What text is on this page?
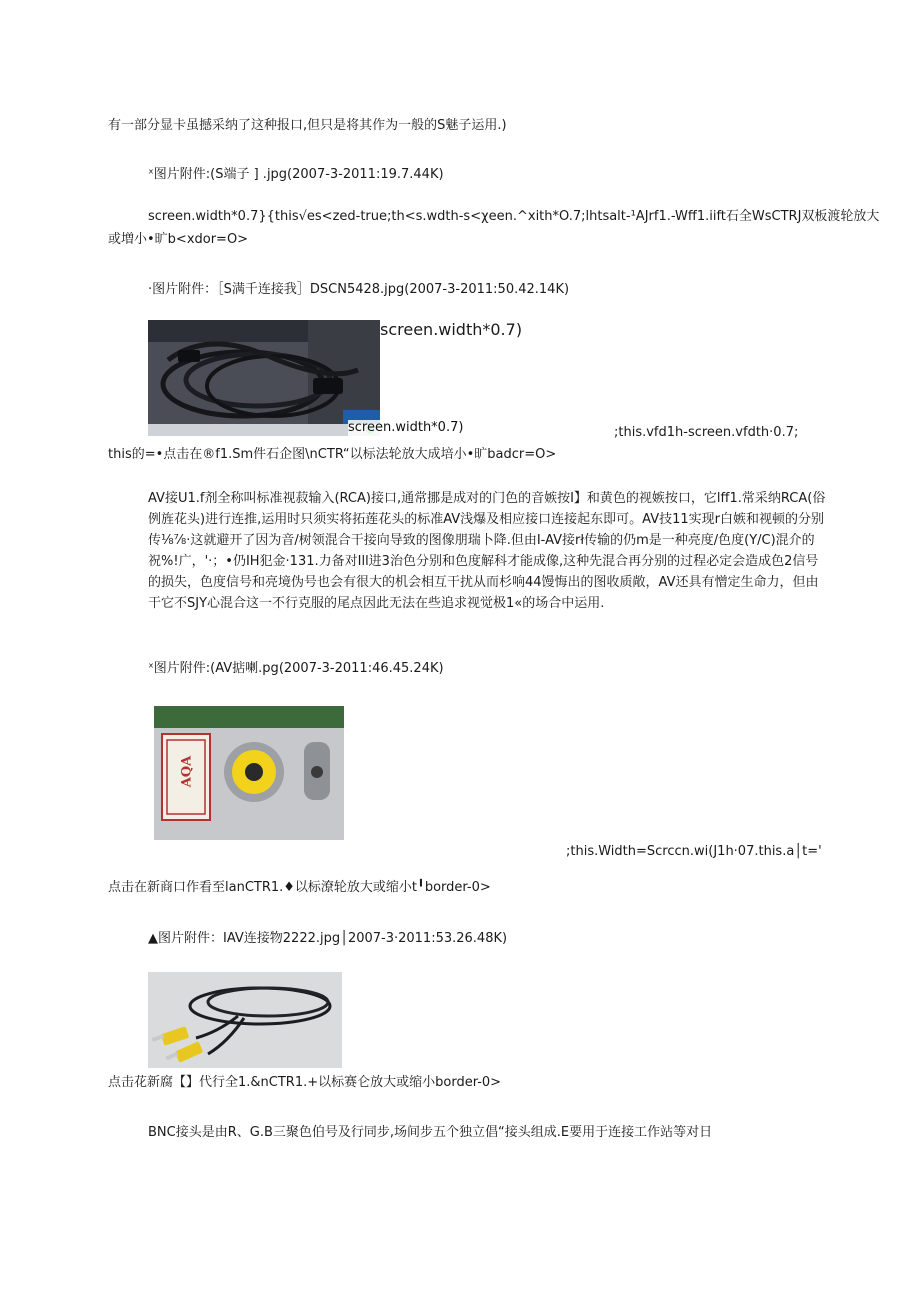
有一部分显卡虽撼采纳了这种报口,但只是将其作为一般的S魅子运用.)
ˣ图片附件:(S端子 ] .jpg(2007-3-2011:19.7.44K)
screen.width*0.7}{this√es<zed-true;th<s.wdth-s<χeen.^xith*O.7;lhtsalt-¹AJrf1.-Wff1.iift石全WsCTRJ双板渡轮放大
或増小•旷b<xdor=O>
·图片附件：［S满千连接我］DSCN5428.jpg(2007-3-2011:50.42.14K)
screen.width*0.7)
screen.width*0.7)	;this.vfd1h-screen.vfdth·0.7;
this的=•点击在®f1.Sm件石企图\nCTR“以标法轮放大成培小•旷badcr=O>
AV接U1.f剂全称叫标准视菽输入(RCA)接口,通常挪是成对的门色的音嫉按I】和黄色的视嫉按口，它lff1.常采纳RCA(俗例旌花头)进行连推,运用时只须实将拓莲花头的标准AV浅爆及相应接口连接起东即可。AV技11实现r白嫉和视顿的分别传⅛⅞·这就避开了因为音/树领混合干接向导致的图像朋瑞卜降.但由I-AV接rł传输的仍m是一种亮度/色度(Y/C)混介的祝%!广，'·；•仍IH犯金·131.力备对Ill进3治色分别和色度解科才能成像,这种先混合再分别的过程必定会造成色2信号的损失，色度信号和亮境伪号也会有很大的机会相互干扰从而杉响44馒悔出的图收质敞，AV还具有憎定生命力，但由干它不SJY心混合这一不行克服的尾点因此无法在些追求视觉极1«的场合中运用.
ˣ图片附件:(AV掂喇.pg(2007-3-2011:46.45.24K)
AQA
;this.Width=Scrccn.wi(J1h·07.this.a│t='
点击在新商口作看至lanCTR1.♦以标潦轮放大或缩小t╹border-0>
▲图片附件：IAV连接物2222.jpg│2007-3·2011:53.26.48K)
点击花新腐【】代行全1.&nCTR1.+以标赛仑放大或缩小border-0>
BNC接头是由R、G.B三聚色伯号及行同步,场间步五个独立倡“接头组成.E要用于连接工作站等对日
